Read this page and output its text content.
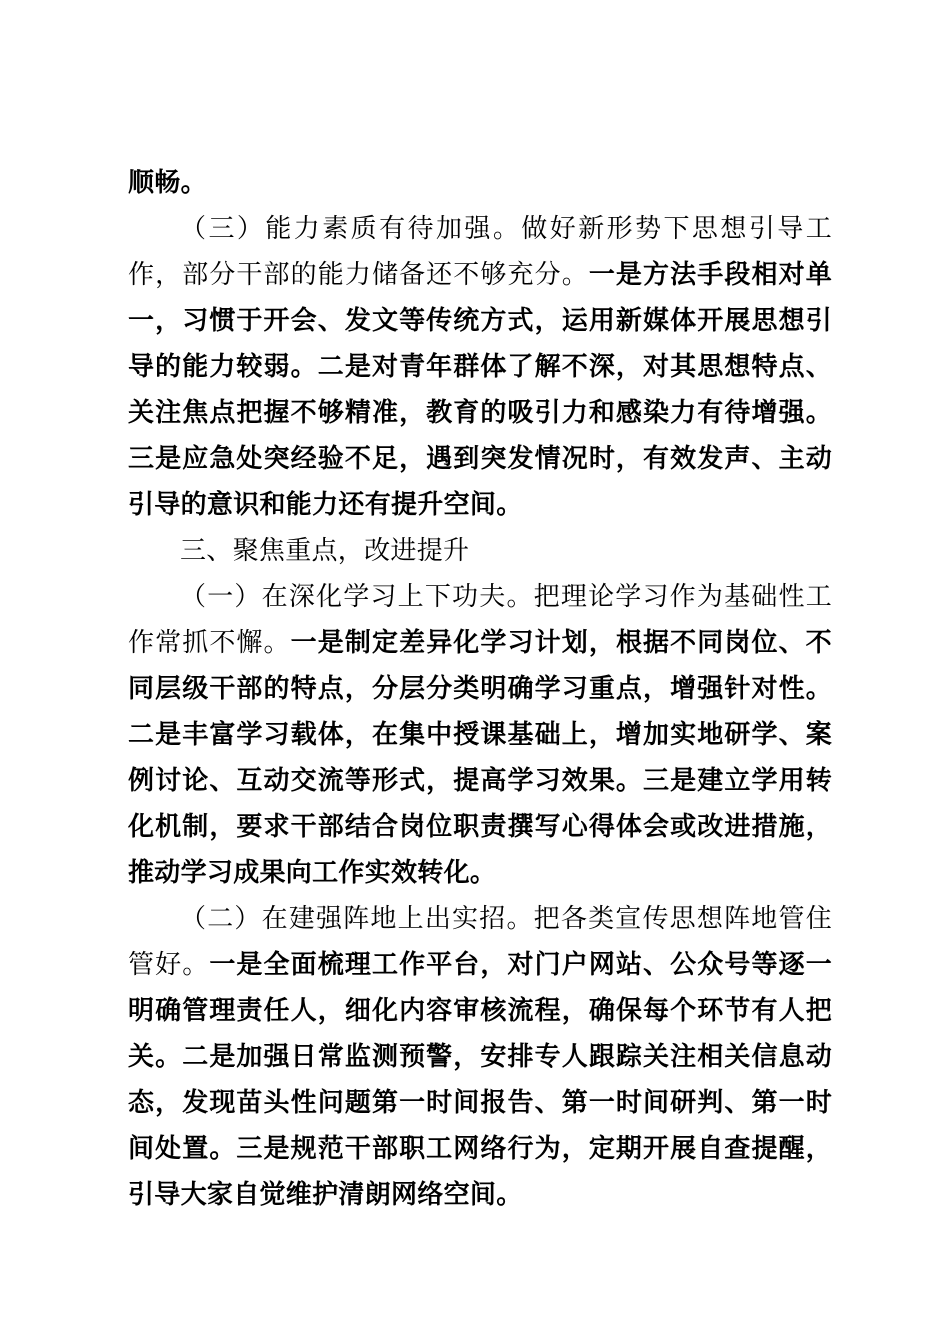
顺畅。

（三）能力素质有待加强。做好新形势下思想引导工作，部分干部的能力储备还不够充分。一是方法手段相对单一，习惯于开会、发文等传统方式，运用新媒体开展思想引导的能力较弱。二是对青年群体了解不深，对其思想特点、关注焦点把握不够精准，教育的吸引力和感染力有待增强。三是应急处突经验不足，遇到突发情况时，有效发声、主动引导的意识和能力还有提升空间。

三、聚焦重点，改进提升

（一）在深化学习上下功夫。把理论学习作为基础性工作常抓不懈。一是制定差异化学习计划，根据不同岗位、不同层级干部的特点，分层分类明确学习重点，增强针对性。二是丰富学习载体，在集中授课基础上，增加实地研学、案例讨论、互动交流等形式，提高学习效果。三是建立学用转化机制，要求干部结合岗位职责撰写心得体会或改进措施，推动学习成果向工作实效转化。

（二）在建强阵地上出实招。把各类宣传思想阵地管住管好。一是全面梳理工作平台，对门户网站、公众号等逐一明确管理责任人，细化内容审核流程，确保每个环节有人把关。二是加强日常监测预警，安排专人跟踪关注相关信息动态，发现苗头性问题第一时间报告、第一时间研判、第一时间处置。三是规范干部职工网络行为，定期开展自查提醒，引导大家自觉维护清朗网络空间。
